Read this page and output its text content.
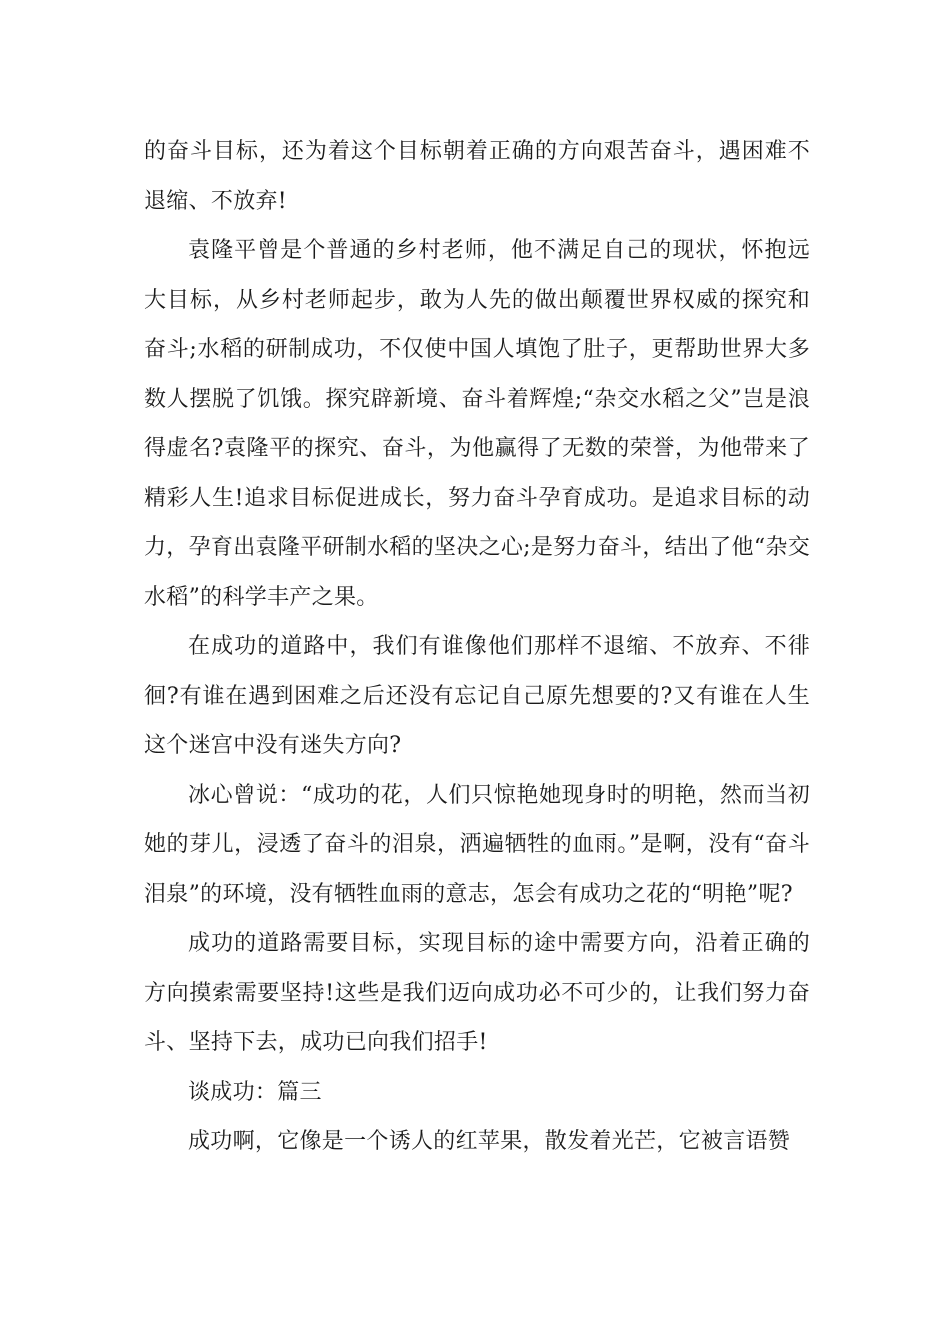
的奋斗目标，还为着这个目标朝着正确的方向艰苦奋斗，遇困难不退缩、不放弃!

袁隆平曾是个普通的乡村老师，他不满足自己的现状，怀抱远大目标，从乡村老师起步，敢为人先的做出颠覆世界权威的探究和奋斗;水稻的研制成功，不仅使中国人填饱了肚子，更帮助世界大多数人摆脱了饥饿。探究辟新境、奋斗着辉煌;“杂交水稻之父”岂是浪得虚名?袁隆平的探究、奋斗，为他赢得了无数的荣誉，为他带来了精彩人生!追求目标促进成长，努力奋斗孕育成功。是追求目标的动力，孕育出袁隆平研制水稻的坚决之心;是努力奋斗，结出了他“杂交水稻”的科学丰产之果。

在成功的道路中，我们有谁像他们那样不退缩、不放弃、不徘徊?有谁在遇到困难之后还没有忘记自己原先想要的?又有谁在人生这个迷宫中没有迷失方向?

冰心曾说：“成功的花，人们只惊艳她现身时的明艳，然而当初她的芽儿，浸透了奋斗的泪泉，洒遍牺牲的血雨。”是啊，没有“奋斗泪泉”的环境，没有牺牲血雨的意志，怎会有成功之花的“明艳”呢?

成功的道路需要目标，实现目标的途中需要方向，沿着正确的方向摸索需要坚持!这些是我们迈向成功必不可少的，让我们努力奋斗、坚持下去，成功已向我们招手!

谈成功：篇三

成功啊，它像是一个诱人的红苹果，散发着光芒，它被言语赞
